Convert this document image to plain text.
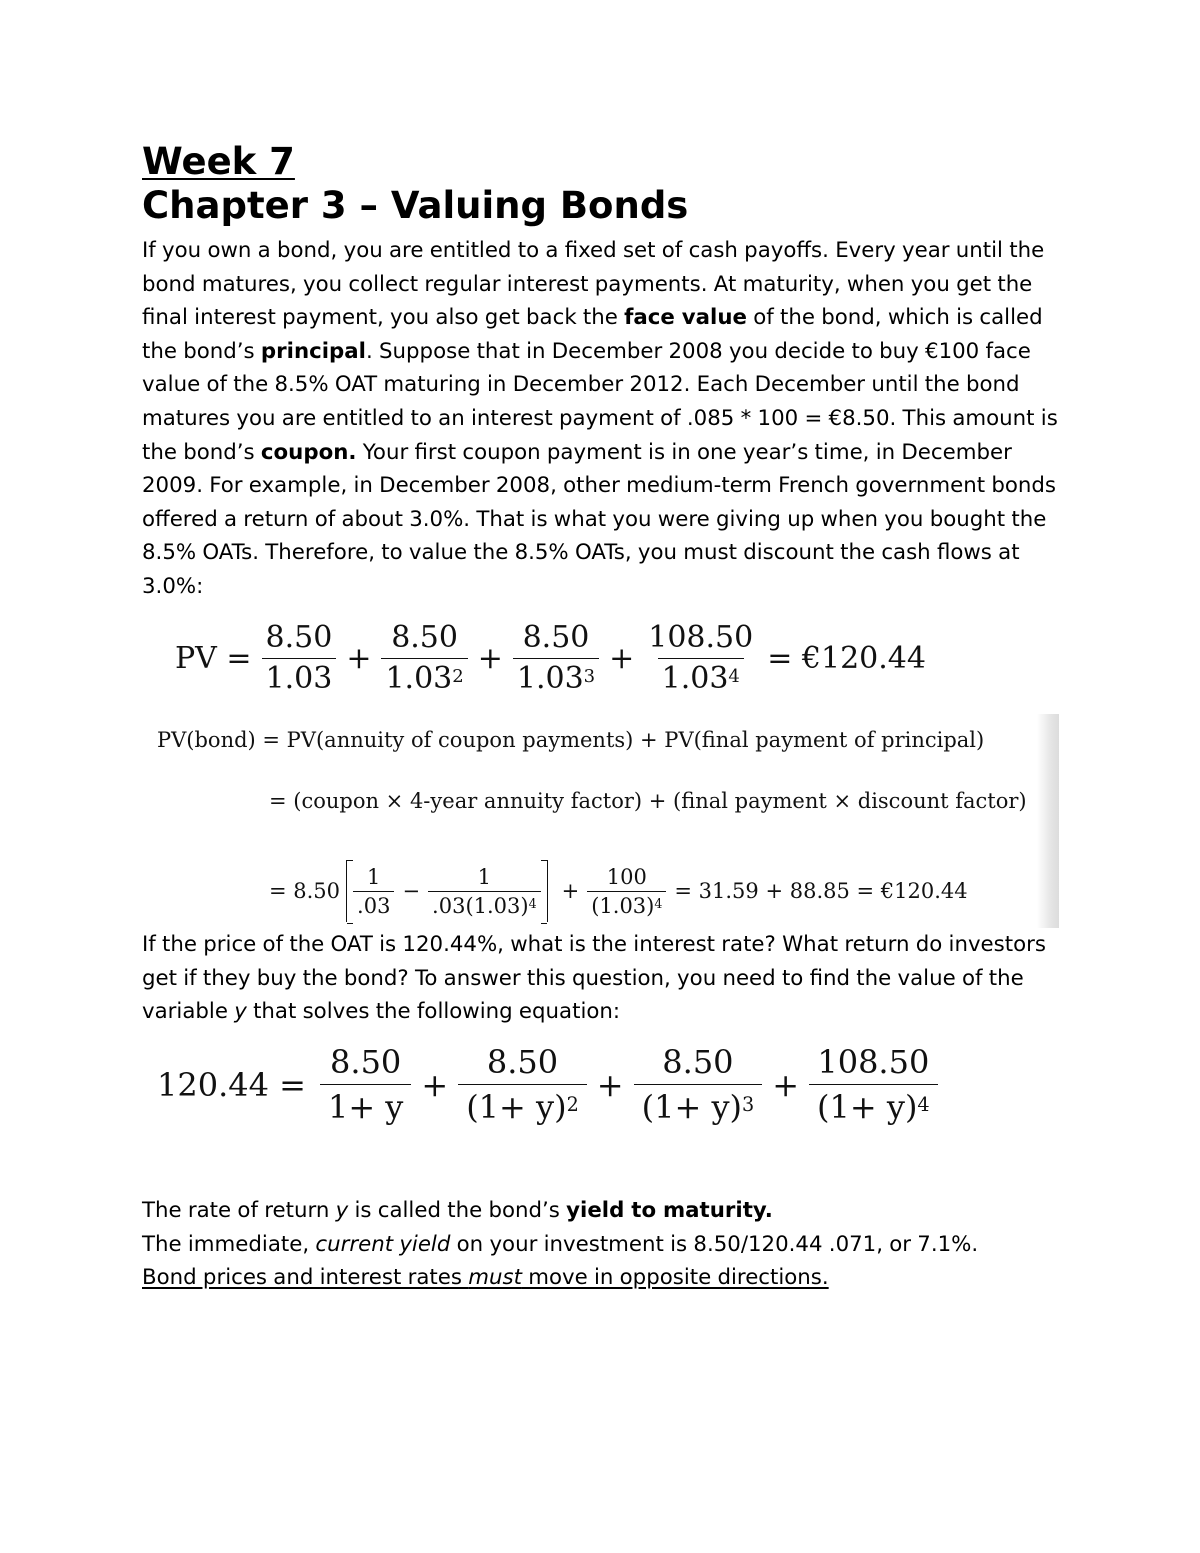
Week 7
Chapter 3 – Valuing Bonds

If you own a bond, you are entitled to a fixed set of cash payoffs. Every year until the bond matures, you collect regular interest payments. At maturity, when you get the final interest payment, you also get back the face value of the bond, which is called the bond’s principal. Suppose that in December 2008 you decide to buy €100 face value of the 8.5% OAT maturing in December 2012. Each December until the bond matures you are entitled to an interest payment of .085 * 100 = €8.50. This amount is the bond’s coupon. Your first coupon payment is in one year’s time, in December 2009. For example, in December 2008, other medium-term French government bonds offered a return of about 3.0%. That is what you were giving up when you bought the 8.5% OATs. Therefore, to value the 8.5% OATs, you must discount the cash flows at 3.0%:

PV = $\frac{8.50}{1.03} + \frac{8.50}{1.03^2} + \frac{8.50}{1.03^3} + \frac{108.50}{1.03^4}$ = €120.44
PV(bond) = PV(annuity of coupon payments) + PV(final payment of principal)
= (coupon × 4-year annuity factor) + (final payment × discount factor)
= $8.50 \frac{1}{.03} - \frac{1}{.03(1.03)^4} + \frac{100}{(1.03)^4} = 31.59 + 88.85$ = €120.44

If the price of the OAT is 120.44%, what is the interest rate? What return do investors get if they buy the bond? To answer this question, you need to find the value of the variable y that solves the following equation:

$120.44 = \frac{8.50}{1+ y} + \frac{8.50}{(1+ y)^2} + \frac{8.50}{(1+ y)^3} + \frac{108.50}{(1+ y)^4}$

The rate of return y is called the bond’s yield to maturity.

The immediate, current yield on your investment is 8.50/120.44 .071, or 7.1%.

Bond prices and interest rates must move in opposite directions.
